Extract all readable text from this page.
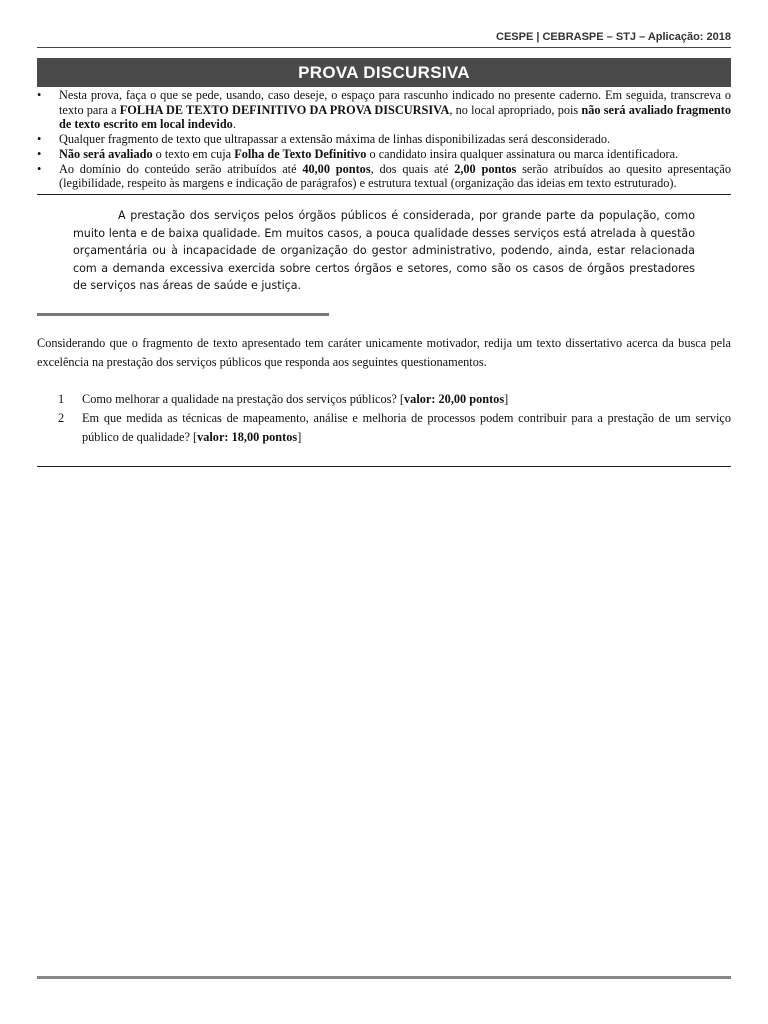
CESPE | CEBRASPE – STJ – Aplicação: 2018
PROVA DISCURSIVA
• Nesta prova, faça o que se pede, usando, caso deseje, o espaço para rascunho indicado no presente caderno. Em seguida, transcreva o texto para a FOLHA DE TEXTO DEFINITIVO DA PROVA DISCURSIVA, no local apropriado, pois não será avaliado fragmento de texto escrito em local indevido.
• Qualquer fragmento de texto que ultrapassar a extensão máxima de linhas disponibilizadas será desconsiderado.
• Não será avaliado o texto em cuja Folha de Texto Definitivo o candidato insira qualquer assinatura ou marca identificadora.
• Ao domínio do conteúdo serão atribuídos até 40,00 pontos, dos quais até 2,00 pontos serão atribuídos ao quesito apresentação (legibilidade, respeito às margens e indicação de parágrafos) e estrutura textual (organização das ideias em texto estruturado).

A prestação dos serviços pelos órgãos públicos é considerada, por grande parte da população, como muito lenta e de baixa qualidade. Em muitos casos, a pouca qualidade desses serviços está atrelada à questão orçamentária ou à incapacidade de organização do gestor administrativo, podendo, ainda, estar relacionada com a demanda excessiva exercida sobre certos órgãos e setores, como são os casos de órgãos prestadores de serviços nas áreas de saúde e justiça.

Considerando que o fragmento de texto apresentado tem caráter unicamente motivador, redija um texto dissertativo acerca da busca pela excelência na prestação dos serviços públicos que responda aos seguintes questionamentos.

1 Como melhorar a qualidade na prestação dos serviços públicos? [valor: 20,00 pontos]
2 Em que medida as técnicas de mapeamento, análise e melhoria de processos podem contribuir para a prestação de um serviço público de qualidade? [valor: 18,00 pontos]
